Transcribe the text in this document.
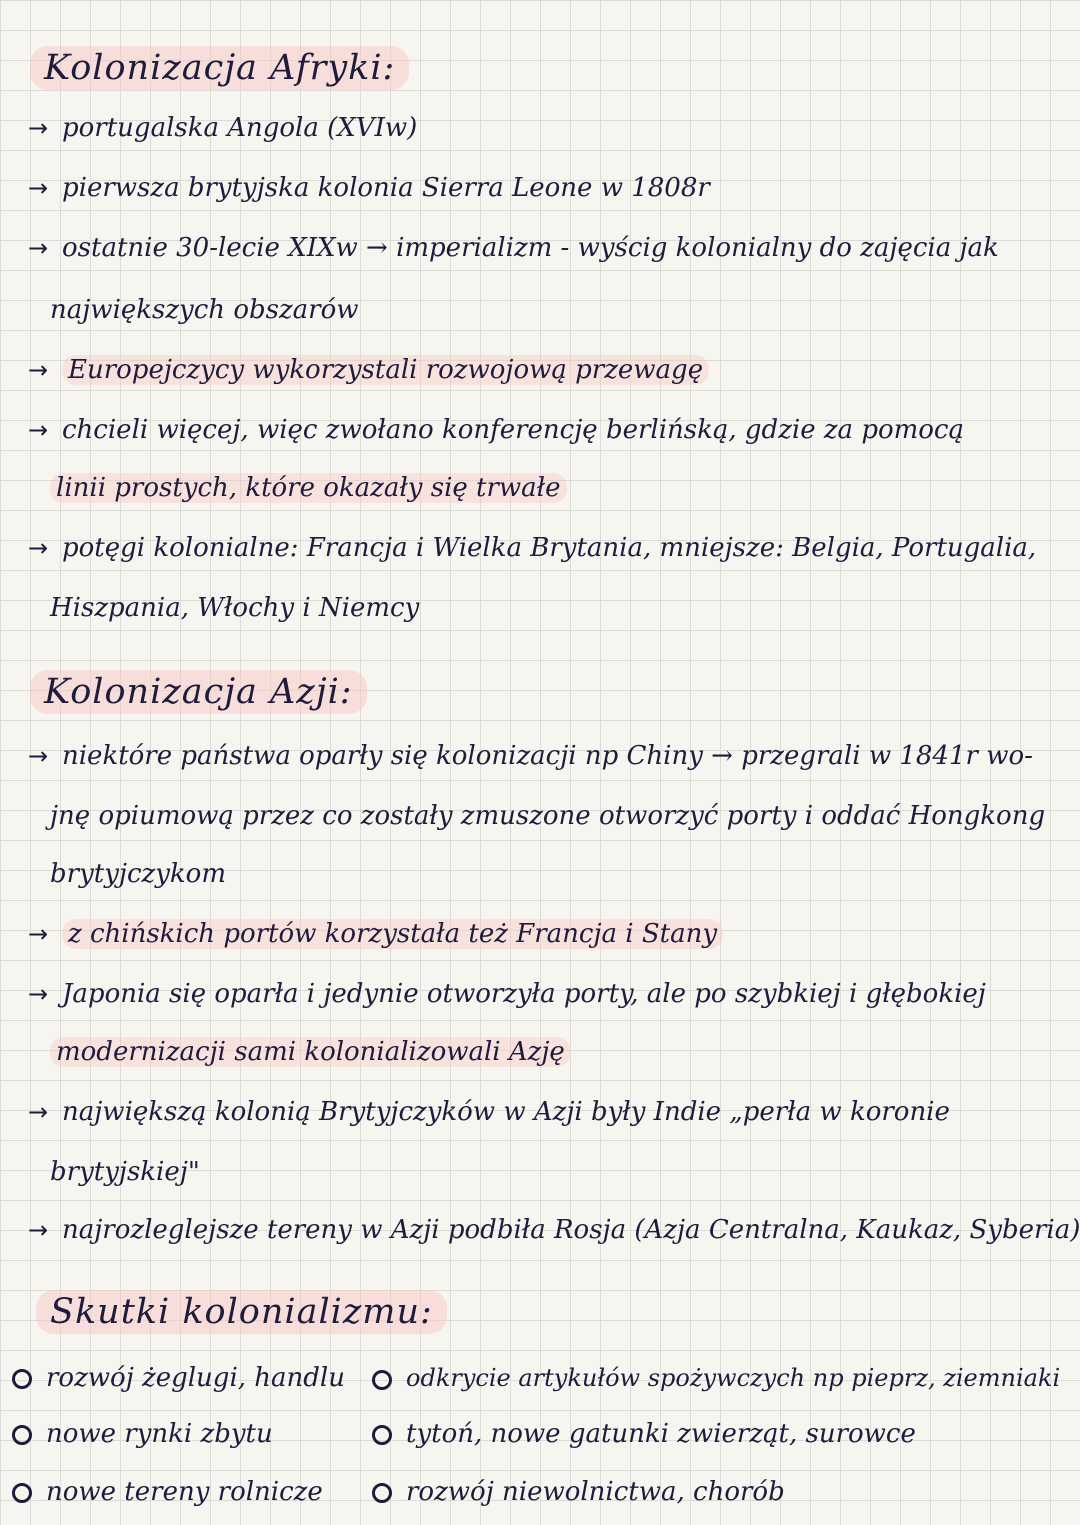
Kolonizacja Afryki:
→ portugalska Angola (XVIw)
→ pierwsza brytyjska kolonia Sierra Leone w 1808r
→ ostatnie 30-lecie XIXw → imperializm - wyścig kolonialny do zajęcia jak
największych obszarów
→ Europejczycy wykorzystali rozwojową przewagę
→ chcieli więcej, więc zwołano konferencję berlińską, gdzie za pomocą
linii prostych, które okazały się trwałe
→ potęgi kolonialne: Francja i Wielka Brytania, mniejsze: Belgia, Portugalia,
Hiszpania, Włochy i Niemcy
Kolonizacja Azji:
→ niektóre państwa oparły się kolonizacji np Chiny → przegrali w 1841r wo-
jnę opiumową przez co zostały zmuszone otworzyć porty i oddać Hongkong
brytyjczykom
→ z chińskich portów korzystała też Francja i Stany
→ Japonia się oparła i jedynie otworzyła porty, ale po szybkiej i głębokiej
modernizacji sami kolonializowali Azję
→ największą kolonią Brytyjczyków w Azji były Indie „perła w koronie
brytyjskiej"
→ najrozleglejsze tereny w Azji podbiła Rosja (Azja Centralna, Kaukaz, Syberia)
Skutki kolonializmu:
rozwój żeglugi, handlu
nowe rynki zbytu
nowe tereny rolnicze
odkrycie artykułów spożywczych np pieprz, ziemniaki
tytoń, nowe gatunki zwierząt, surowce
rozwój niewolnictwa, chorób
